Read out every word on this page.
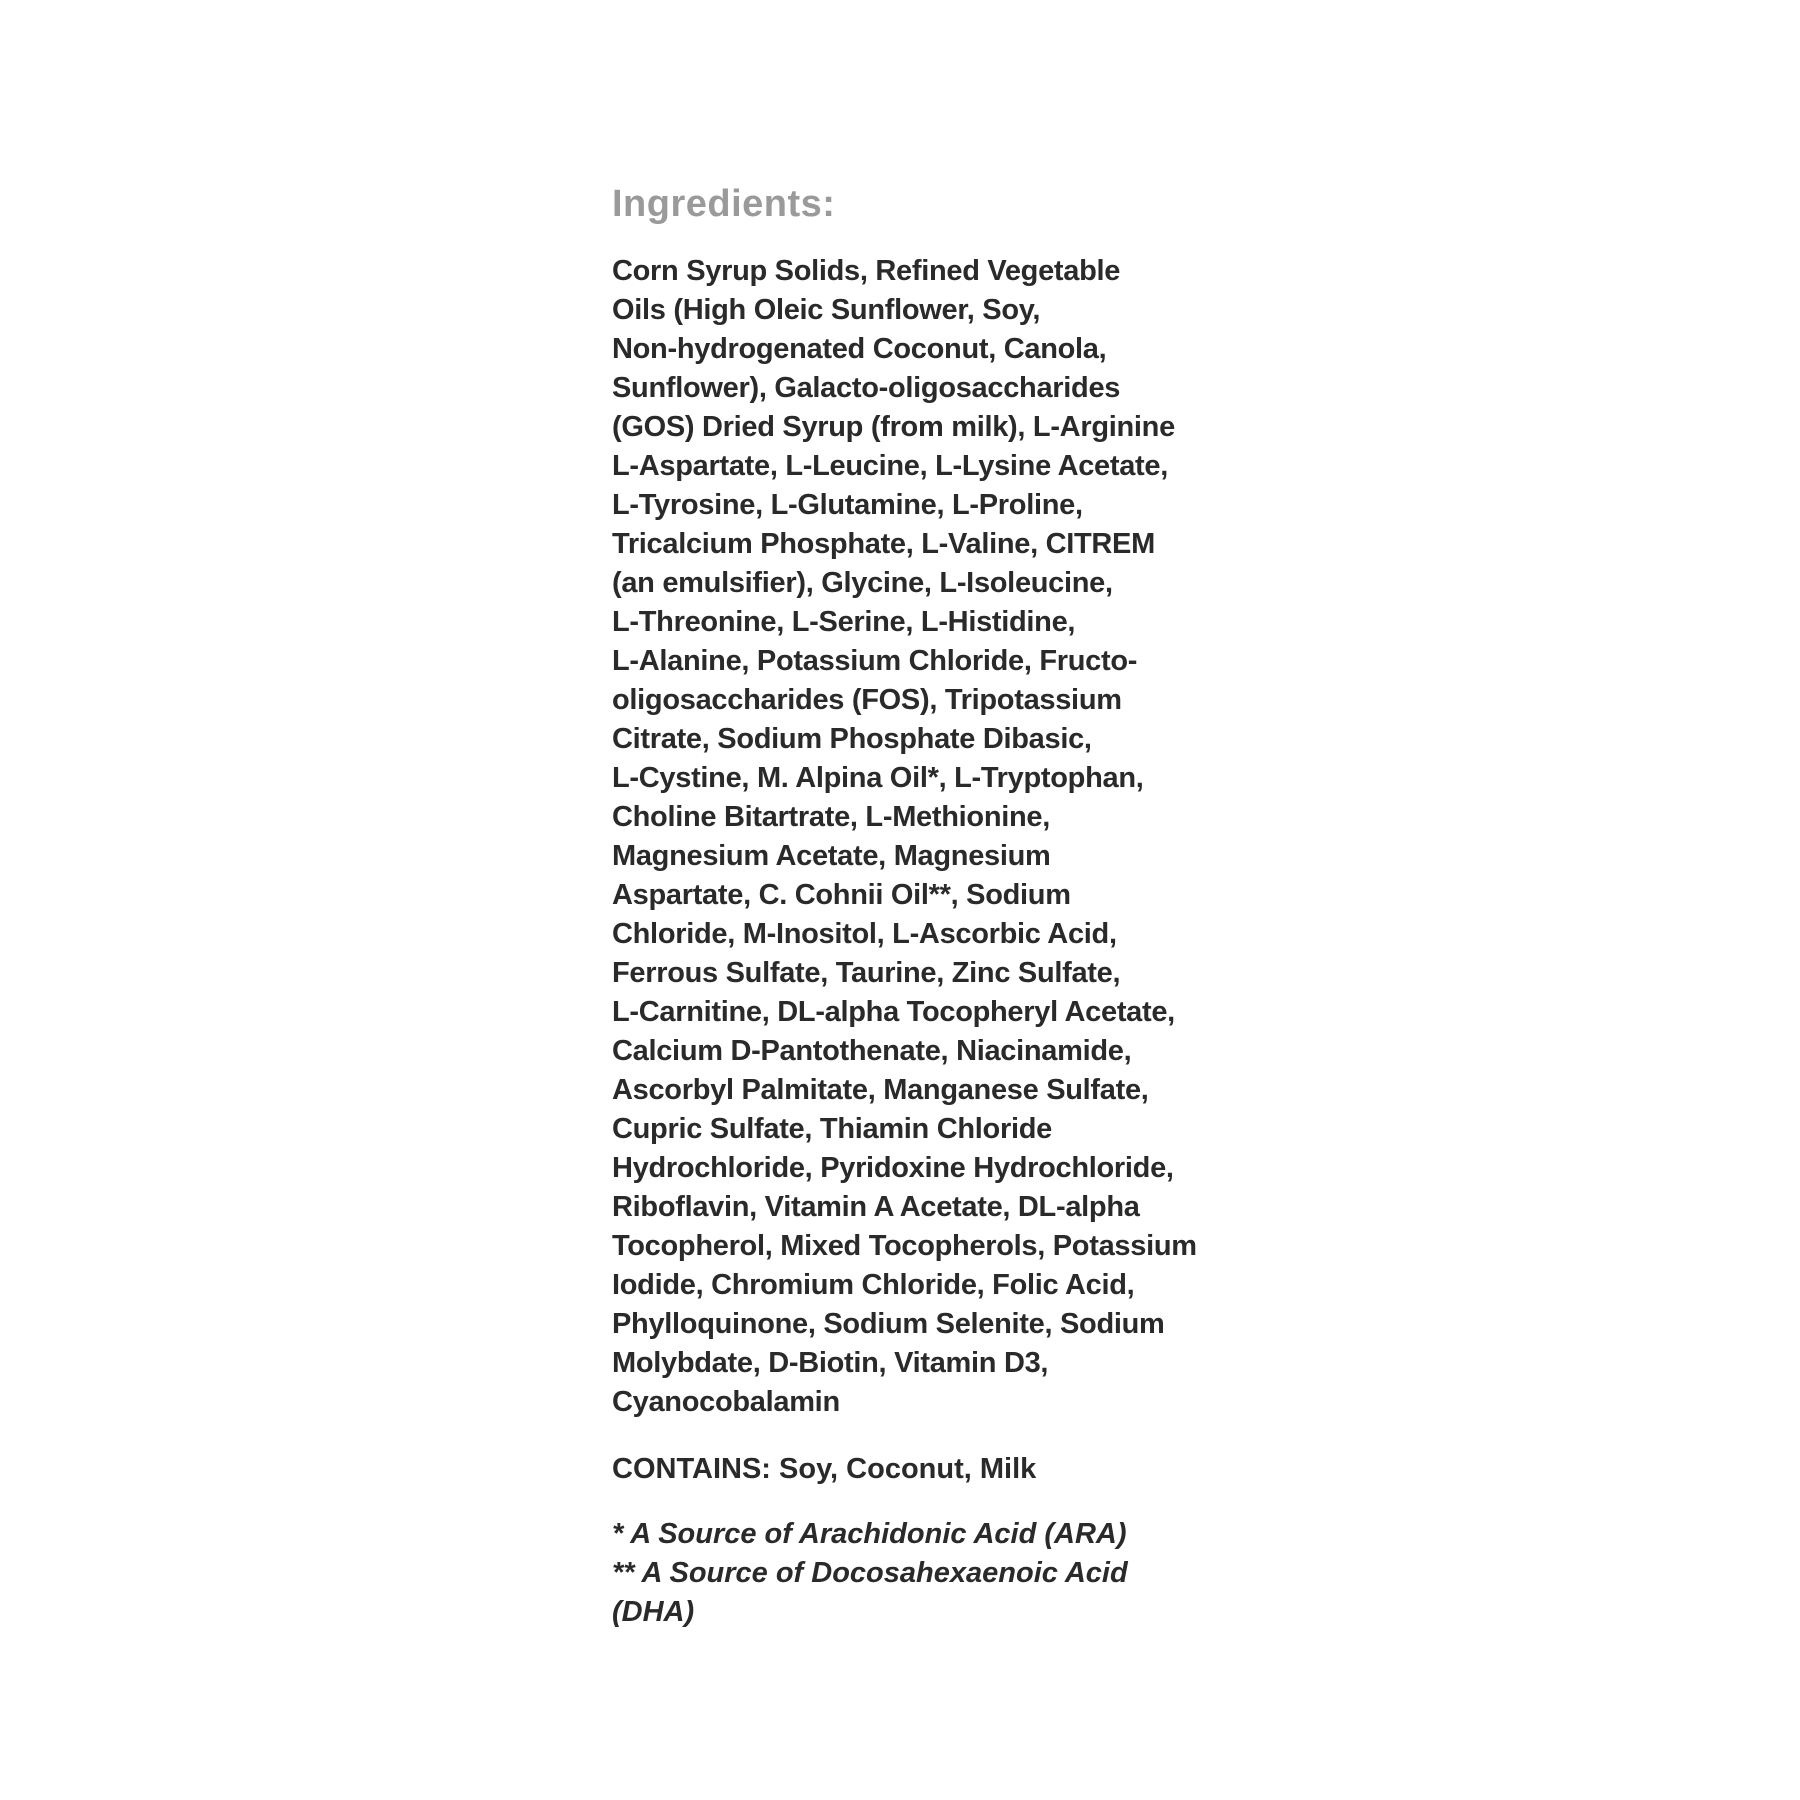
Ingredients:
Corn Syrup Solids, Refined Vegetable
Oils (High Oleic Sunflower, Soy,
Non-hydrogenated Coconut, Canola,
Sunflower), Galacto-oligosaccharides
(GOS) Dried Syrup (from milk), L-Arginine
L-Aspartate, L-Leucine, L-Lysine Acetate,
L-Tyrosine, L-Glutamine, L-Proline,
Tricalcium Phosphate, L-Valine, CITREM
(an emulsifier), Glycine, L-Isoleucine,
L-Threonine, L-Serine, L-Histidine,
L-Alanine, Potassium Chloride, Fructo-
oligosaccharides (FOS), Tripotassium
Citrate, Sodium Phosphate Dibasic,
L-Cystine, M. Alpina Oil*, L-Tryptophan,
Choline Bitartrate, L-Methionine,
Magnesium Acetate, Magnesium
Aspartate, C. Cohnii Oil**, Sodium
Chloride, M-Inositol, L-Ascorbic Acid,
Ferrous Sulfate, Taurine, Zinc Sulfate,
L-Carnitine, DL-alpha Tocopheryl Acetate,
Calcium D-Pantothenate, Niacinamide,
Ascorbyl Palmitate, Manganese Sulfate,
Cupric Sulfate, Thiamin Chloride
Hydrochloride, Pyridoxine Hydrochloride,
Riboflavin, Vitamin A Acetate, DL-alpha
Tocopherol, Mixed Tocopherols, Potassium
Iodide, Chromium Chloride, Folic Acid,
Phylloquinone, Sodium Selenite, Sodium
Molybdate, D-Biotin, Vitamin D3,
Cyanocobalamin
CONTAINS: Soy, Coconut, Milk
* A Source of Arachidonic Acid (ARA)
** A Source of Docosahexaenoic Acid
(DHA)
